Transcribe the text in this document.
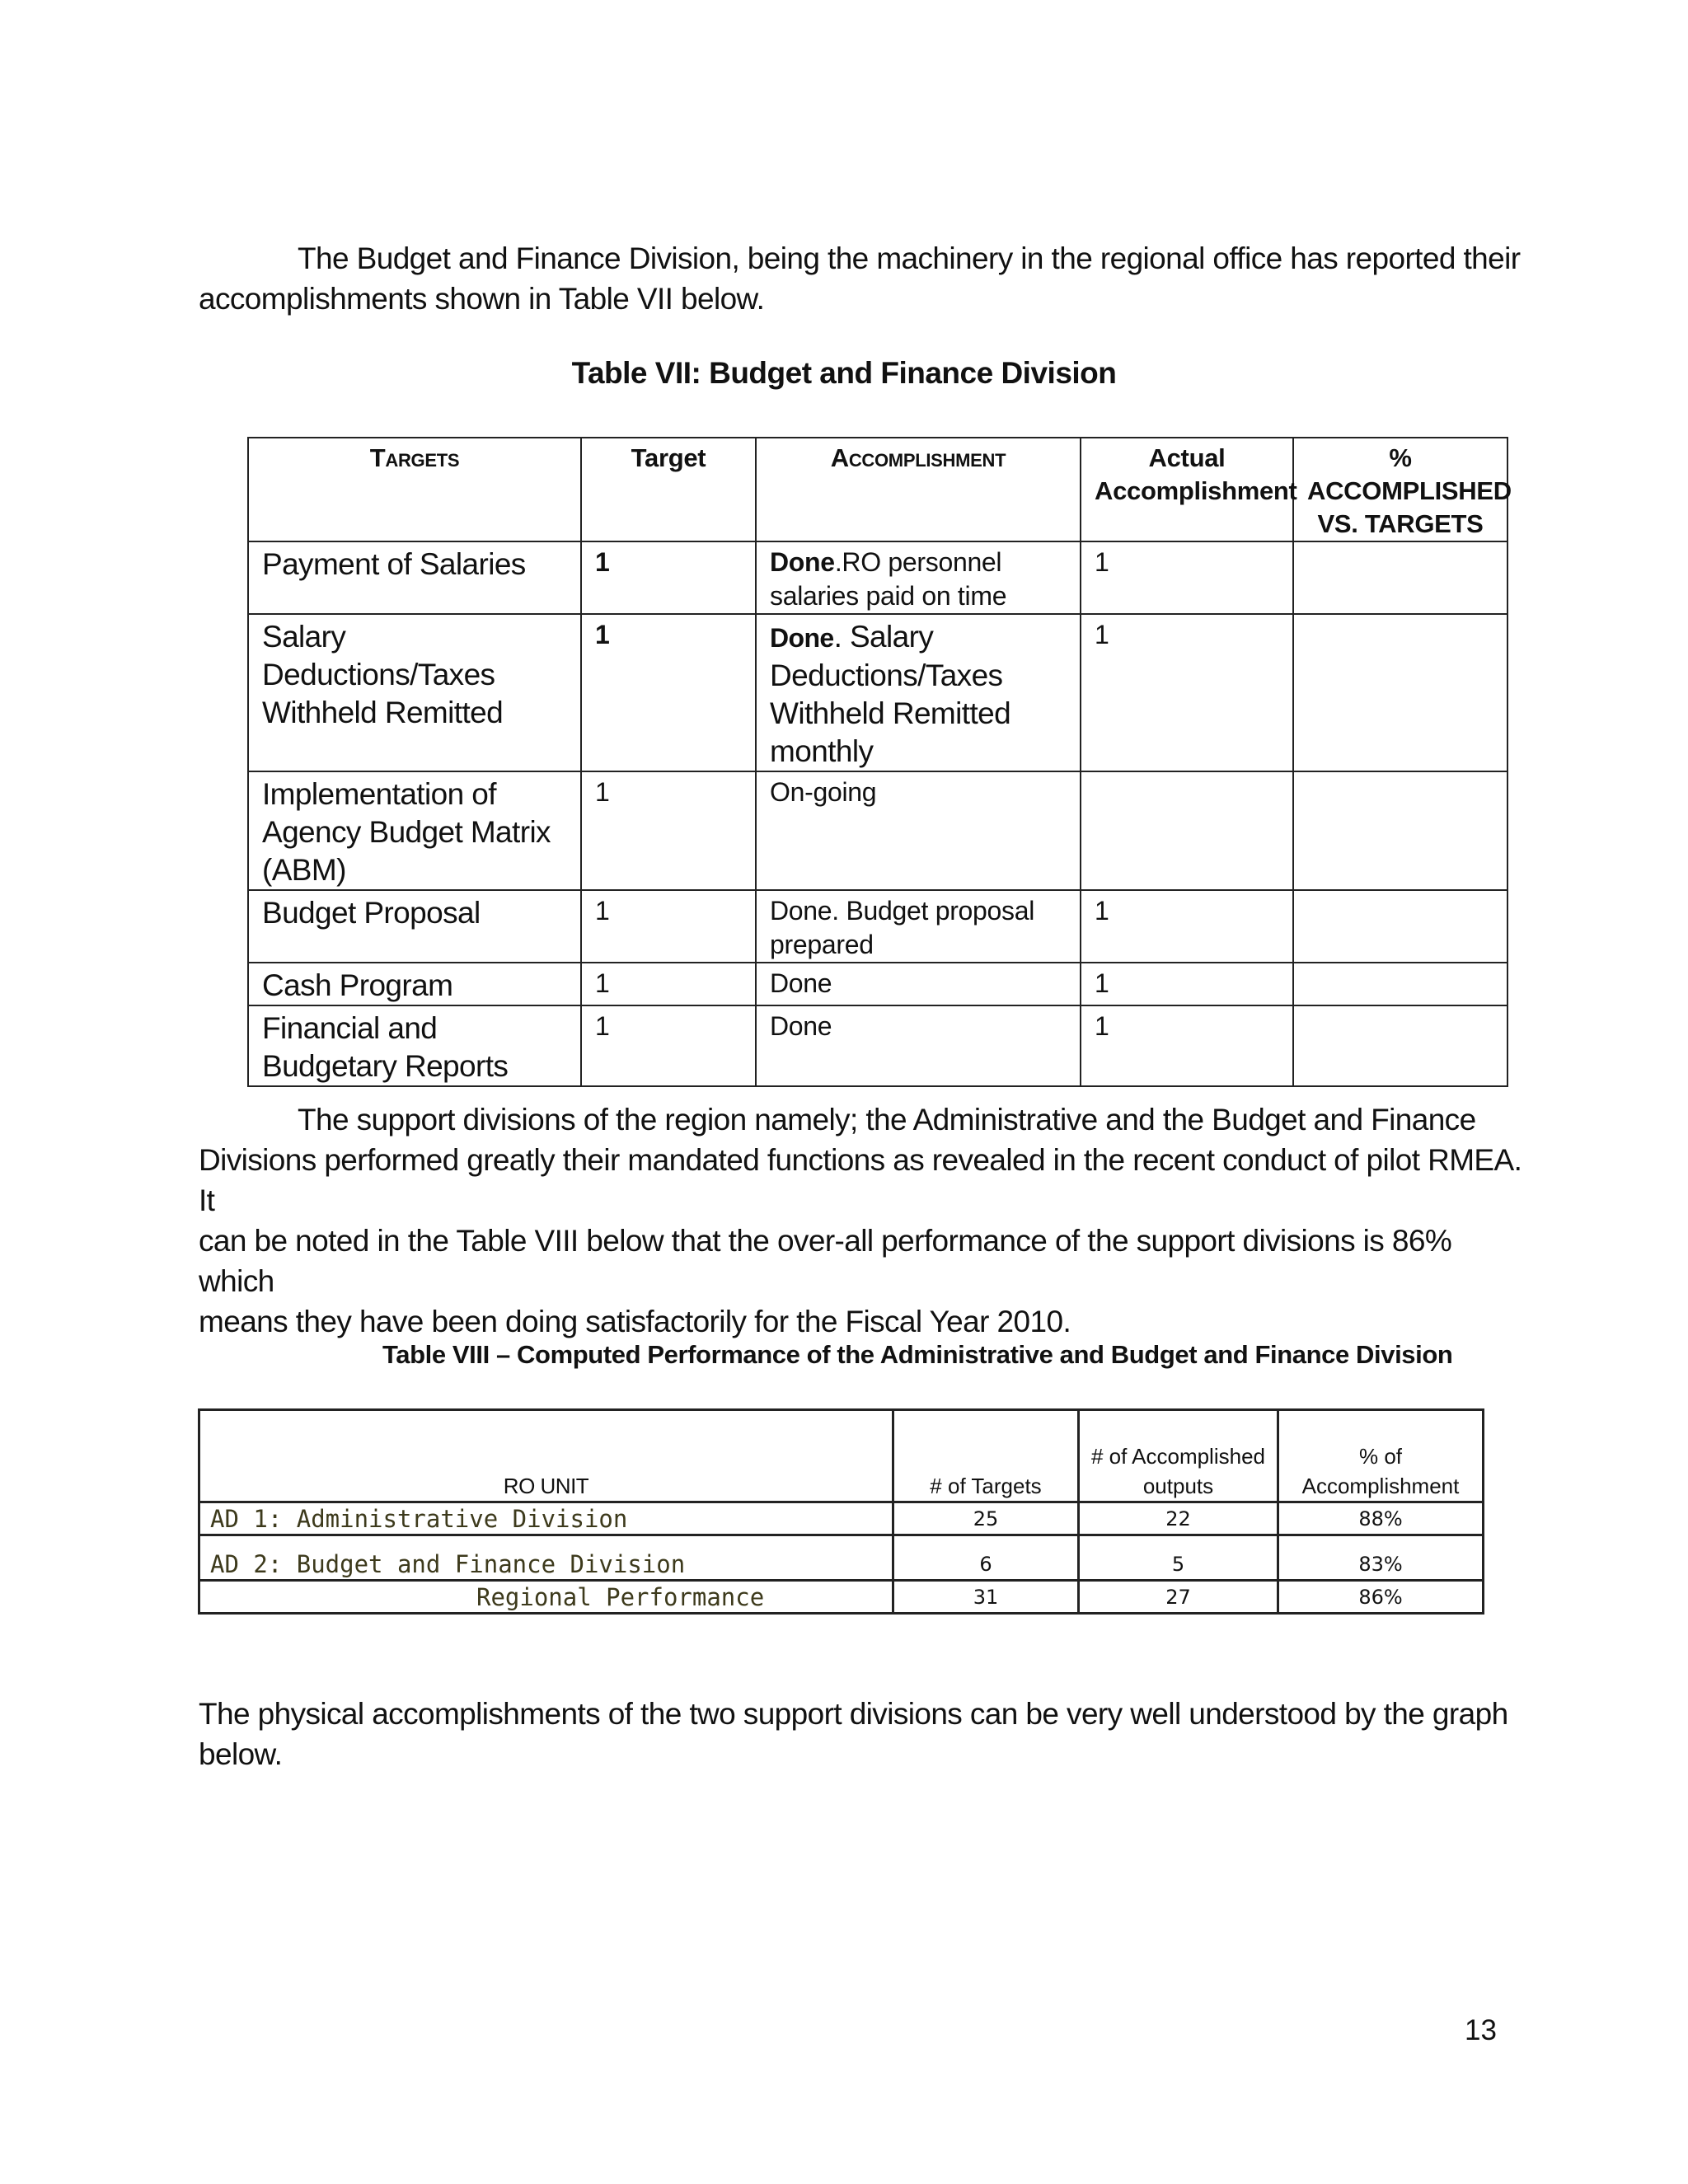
The Budget and Finance Division, being the machinery in the regional office has reported their
accomplishments shown in Table VII below.

Table VII: Budget and Finance Division

Targets	Target	Accomplishment	Actual Accomplishment	% ACCOMPLISHED VS. TARGETS
Payment of Salaries	1	Done.RO personnel salaries paid on time	1	
Salary Deductions/Taxes Withheld Remitted	1	Done. Salary Deductions/Taxes Withheld Remitted monthly	1	
Implementation of Agency Budget Matrix (ABM)	1	On-going		
Budget Proposal	1	Done. Budget proposal prepared	1	
Cash Program	1	Done	1	
Financial and Budgetary Reports	1	Done	1	

The support divisions of the region namely; the Administrative and the Budget and Finance
Divisions performed greatly their mandated functions as revealed in the recent conduct of pilot RMEA. It
can be noted in the Table VIII below that the over-all performance of the support divisions is 86% which
means they have been doing satisfactorily for the Fiscal Year 2010.

Table VIII – Computed Performance of the Administrative and Budget and Finance Division

RO UNIT	# of Targets	# of Accomplished outputs	% of Accomplishment
AD 1: Administrative Division	25	22	88%
AD 2: Budget and Finance Division	6	5	83%
Regional Performance	31	27	86%

The physical accomplishments of the two support divisions can be very well understood by the graph
below.

13
